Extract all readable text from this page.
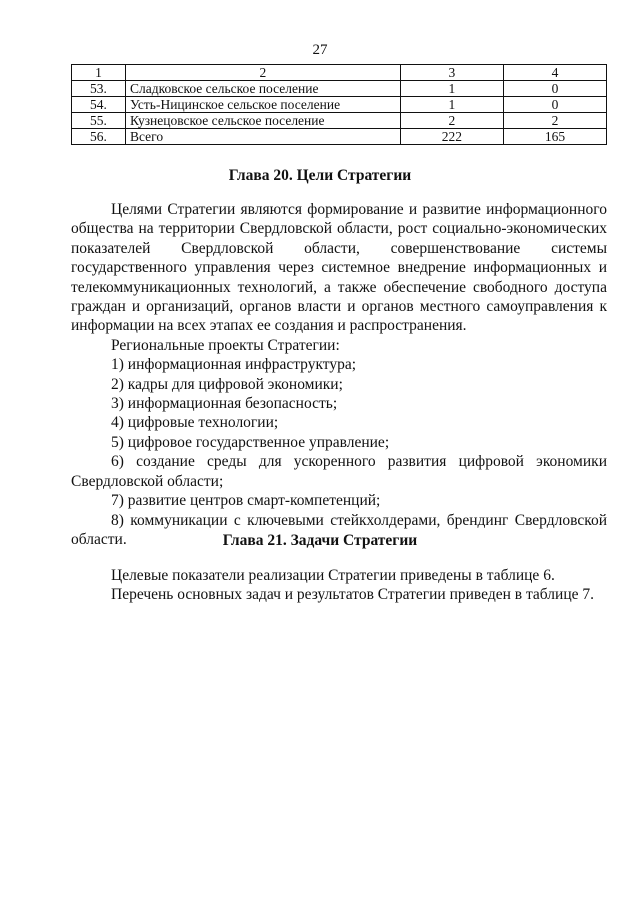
27
1	2	3	4
53.	Сладковское сельское поселение	1	0
54.	Усть-Ницинское сельское поселение	1	0
55.	Кузнецовское сельское поселение	2	2
56.	Всего	222	165
Глава 20. Цели Стратегии

Целями Стратегии являются формирование и развитие информационного общества на территории Свердловской области, рост социально-экономических показателей Свердловской области, совершенствование системы государственного управления через системное внедрение информационных и телекоммуникационных технологий, а также обеспечение свободного доступа граждан и организаций, органов власти и органов местного самоуправления к информации на всех этапах ее создания и распространения.

Региональные проекты Стратегии:

1) информационная инфраструктура;

2) кадры для цифровой экономики;

3) информационная безопасность;

4) цифровые технологии;

5) цифровое государственное управление;

6) создание среды для ускоренного развития цифровой экономики Свердловской области;

7) развитие центров смарт-компетенций;

8) коммуникации с ключевыми стейкхолдерами, брендинг Свердловской области.	Глава 21. Задачи Стратегии

Целевые показатели реализации Стратегии приведены в таблице 6.

Перечень основных задач и результатов Стратегии приведен в таблице 7.
